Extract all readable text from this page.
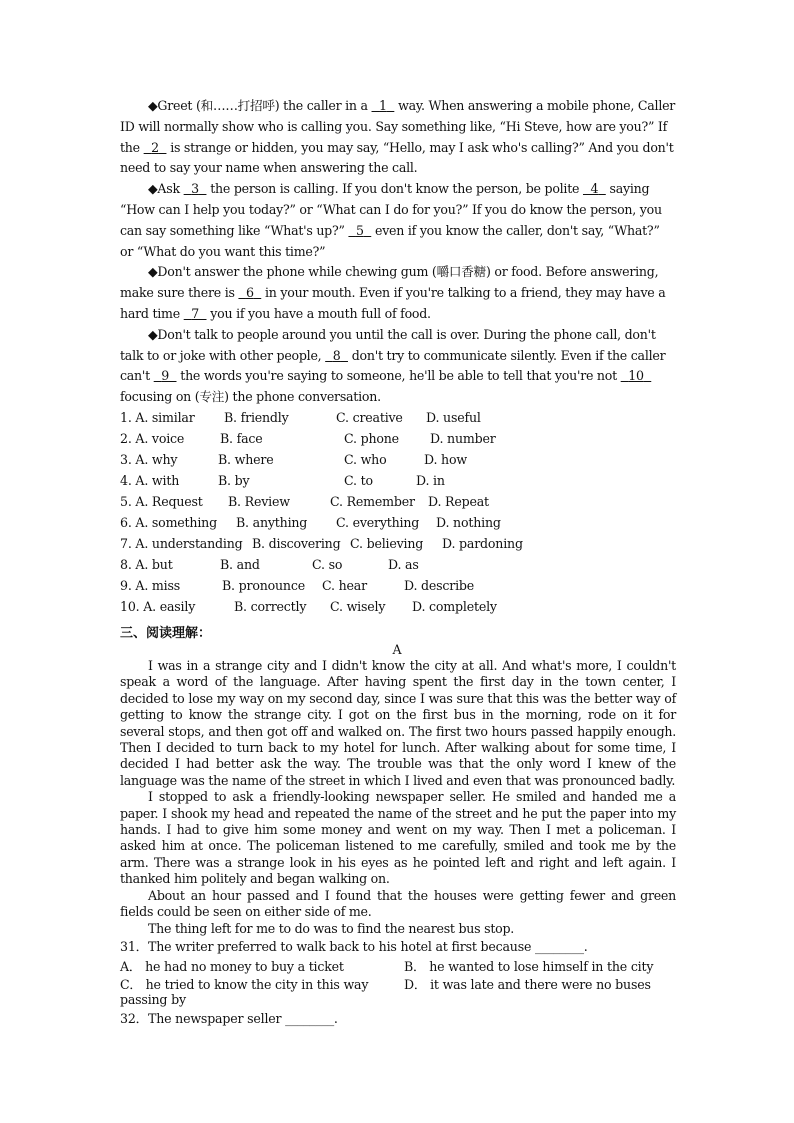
◆Greet (和……打招呼) the caller in a   1   way. When answering a mobile phone, Caller ID will normally show who is calling you. Say something like, “Hi Steve, how are you?” If the   2   is strange or hidden, you may say, “Hello, may I ask who's calling?” And you don't need to say your name when answering the call.

◆Ask   3   the person is calling. If you don't know the person, be polite   4   saying “How can I help you today?” or “What can I do for you?” If you do know the person, you can say something like “What's up?”   5   even if you know the caller, don't say, “What?” or “What do you want this time?”

◆Don't answer the phone while chewing gum (嚼口香糖) or food. Before answering, make sure there is   6   in your mouth. Even if you're talking to a friend, they may have a hard time   7   you if you have a mouth full of food.

◆Don't talk to people around you until the call is over. During the phone call, don't talk to or joke with other people,   8   don't try to communicate silently. Even if the caller can't   9   the words you're saying to someone, he'll be able to tell that you're not   10   focusing on (专注) the phone conversation.

1. A. similar B. friendly	C. creative D. useful
2. A. voice	B. face	C. phone D. number
3. A. why	B. where	C. who	D. how
4. A. with	B. by	C. to	D. in
5. A. Request B. Review	C. Remember D. Repeat
6. A. something B. anything C. everything D. nothing
7. A. understanding B. discovering C. believing D. pardoning
8. A. but	B. and	C. so	D. as
9. A. miss	B. pronounce C. hear	D. describe
10. A. easily	B. correctly C. wisely D. completely
三、阅读理解：
A

I was in a strange city and I didn't know the city at all. And what's more, I couldn't speak a word of the language. After having spent the first day in the town center, I decided to lose my way on my second day, since I was sure that this was the better way of getting to know the strange city. I got on the first bus in the morning, rode on it for several stops, and then got off and walked on. The first two hours passed happily enough. Then I decided to turn back to my hotel for lunch. After walking about for some time, I decided I had better ask the way. The trouble was that the only word I knew of the language was the name of the street in which I lived and even that was pronounced badly.

I stopped to ask a friendly-looking newspaper seller. He smiled and handed me a paper. I shook my head and repeated the name of the street and he put the paper into my hands. I had to give him some money and went on my way. Then I met a policeman. I asked him at once. The policeman listened to me carefully, smiled and took me by the arm. There was a strange look in his eyes as he pointed left and right and left again. I thanked him politely and began walking on.

About an hour passed and I found that the houses were getting fewer and green fields could be seen on either side of me.

The thing left for me to do was to find the nearest bus stop.

31．The writer preferred to walk back to his hotel at first because ________.
A． he had no money to buy a ticket	B． he wanted to lose himself in the city
C． he tried to know the city in this way	D． it was late and there were no buses
passing by
32．The newspaper seller ________.
